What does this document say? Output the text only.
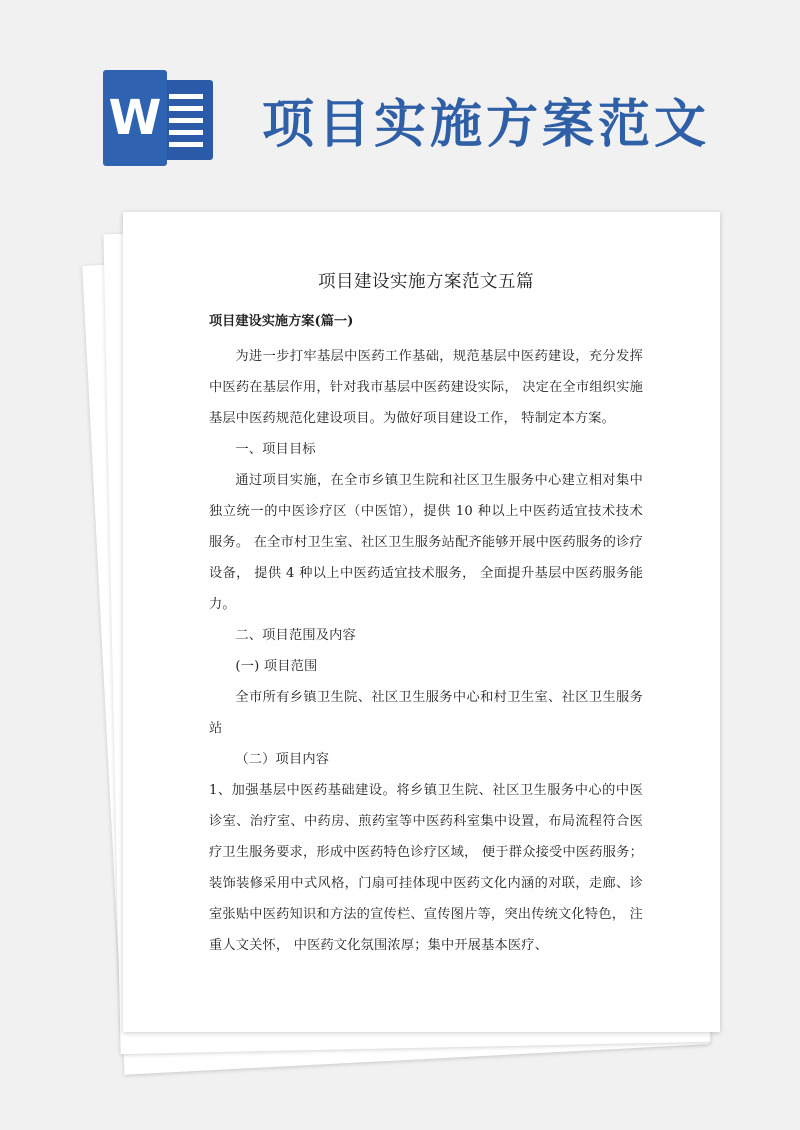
W 项目实施方案范文
项目建设实施方案范文五篇

项目建设实施方案(篇一)

为进一步打牢基层中医药工作基础，规范基层中医药建设，充分发挥中医药在基层作用，针对我市基层中医药建设实际， 决定在全市组织实施基层中医药规范化建设项目。为做好项目建设工作， 特制定本方案。

一、项目目标

通过项目实施，在全市乡镇卫生院和社区卫生服务中心建立相对集中独立统一的中医诊疗区（中医馆），提供 10 种以上中医药适宜技术技术服务。 在全市村卫生室、社区卫生服务站配齐能够开展中医药服务的诊疗设备， 提供 4 种以上中医药适宜技术服务， 全面提升基层中医药服务能力。

二、项目范围及内容

(一) 项目范围

全市所有乡镇卫生院、社区卫生服务中心和村卫生室、社区卫生服务站

（二）项目内容

1、加强基层中医药基础建设。将乡镇卫生院、社区卫生服务中心的中医诊室、治疗室、中药房、煎药室等中医药科室集中设置，布局流程符合医疗卫生服务要求，形成中医药特色诊疗区域， 便于群众接受中医药服务；装饰装修采用中式风格，门扇可挂体现中医药文化内涵的对联，走廊、诊室张贴中医药知识和方法的宣传栏、宣传图片等，突出传统文化特色， 注重人文关怀， 中医药文化氛围浓厚；集中开展基本医疗、
